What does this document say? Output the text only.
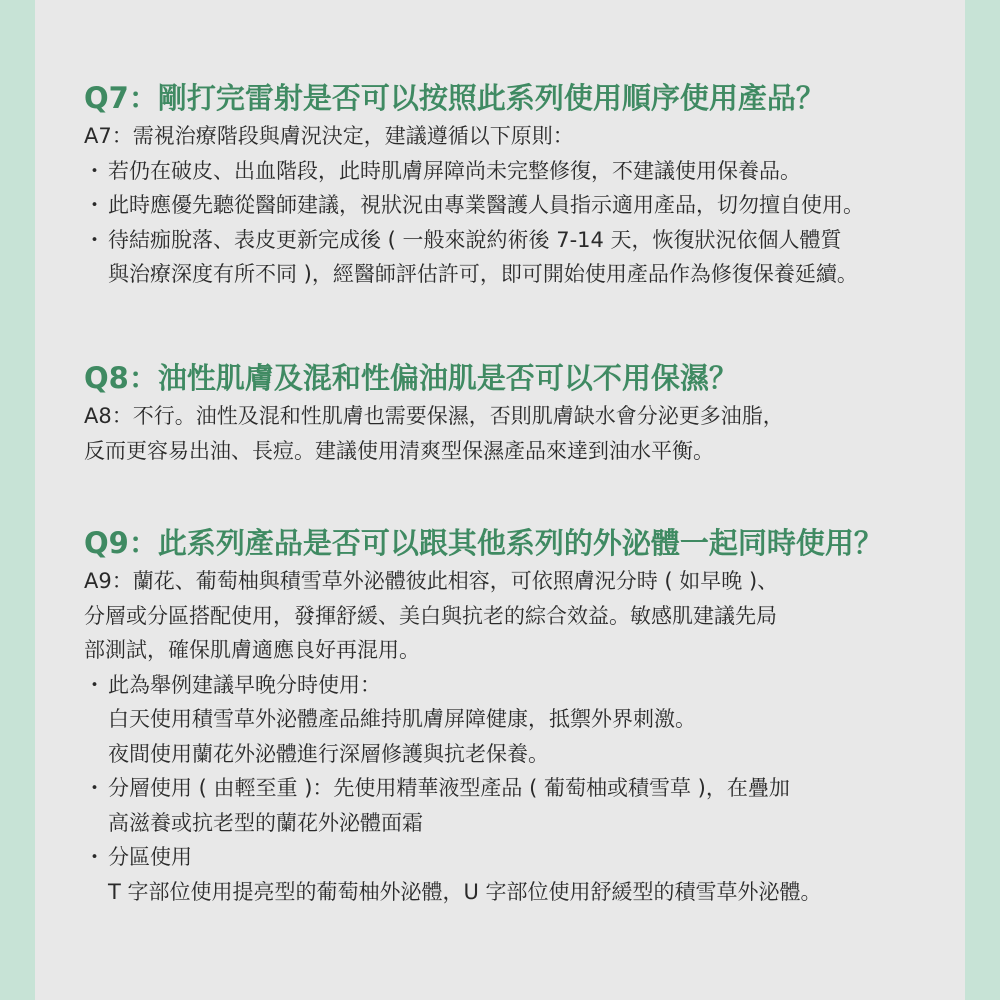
Q7：剛打完雷射是否可以按照此系列使用順序使用產品？

A7：需視治療階段與膚況決定，建議遵循以下原則：

・ 若仍在破皮、出血階段，此時肌膚屏障尚未完整修復，不建議使用保養品。
・ 此時應優先聽從醫師建議，視狀況由專業醫護人員指示適用產品，切勿擅自使用。
・ 待結痂脫落、表皮更新完成後 ( 一般來說約術後 7-14 天，恢復狀況依個人體質

與治療深度有所不同 )，經醫師評估許可，即可開始使用產品作為修復保養延續。

Q8：油性肌膚及混和性偏油肌是否可以不用保濕？

A8：不行。油性及混和性肌膚也需要保濕，否則肌膚缺水會分泌更多油脂，

反而更容易出油、長痘。建議使用清爽型保濕產品來達到油水平衡。

Q9：此系列產品是否可以跟其他系列的外泌體一起同時使用？

A9：蘭花、葡萄柚與積雪草外泌體彼此相容，可依照膚況分時 ( 如早晚 )、

分層或分區搭配使用，發揮舒緩、美白與抗老的綜合效益。敏感肌建議先局

部測試，確保肌膚適應良好再混用。

・ 此為舉例建議早晚分時使用：

白天使用積雪草外泌體產品維持肌膚屏障健康，抵禦外界刺激。

夜間使用蘭花外泌體進行深層修護與抗老保養。

・ 分層使用 ( 由輕至重 )：先使用精華液型產品 ( 葡萄柚或積雪草 )，在疊加

高滋養或抗老型的蘭花外泌體面霜

・ 分區使用

T 字部位使用提亮型的葡萄柚外泌體，U 字部位使用舒緩型的積雪草外泌體。
